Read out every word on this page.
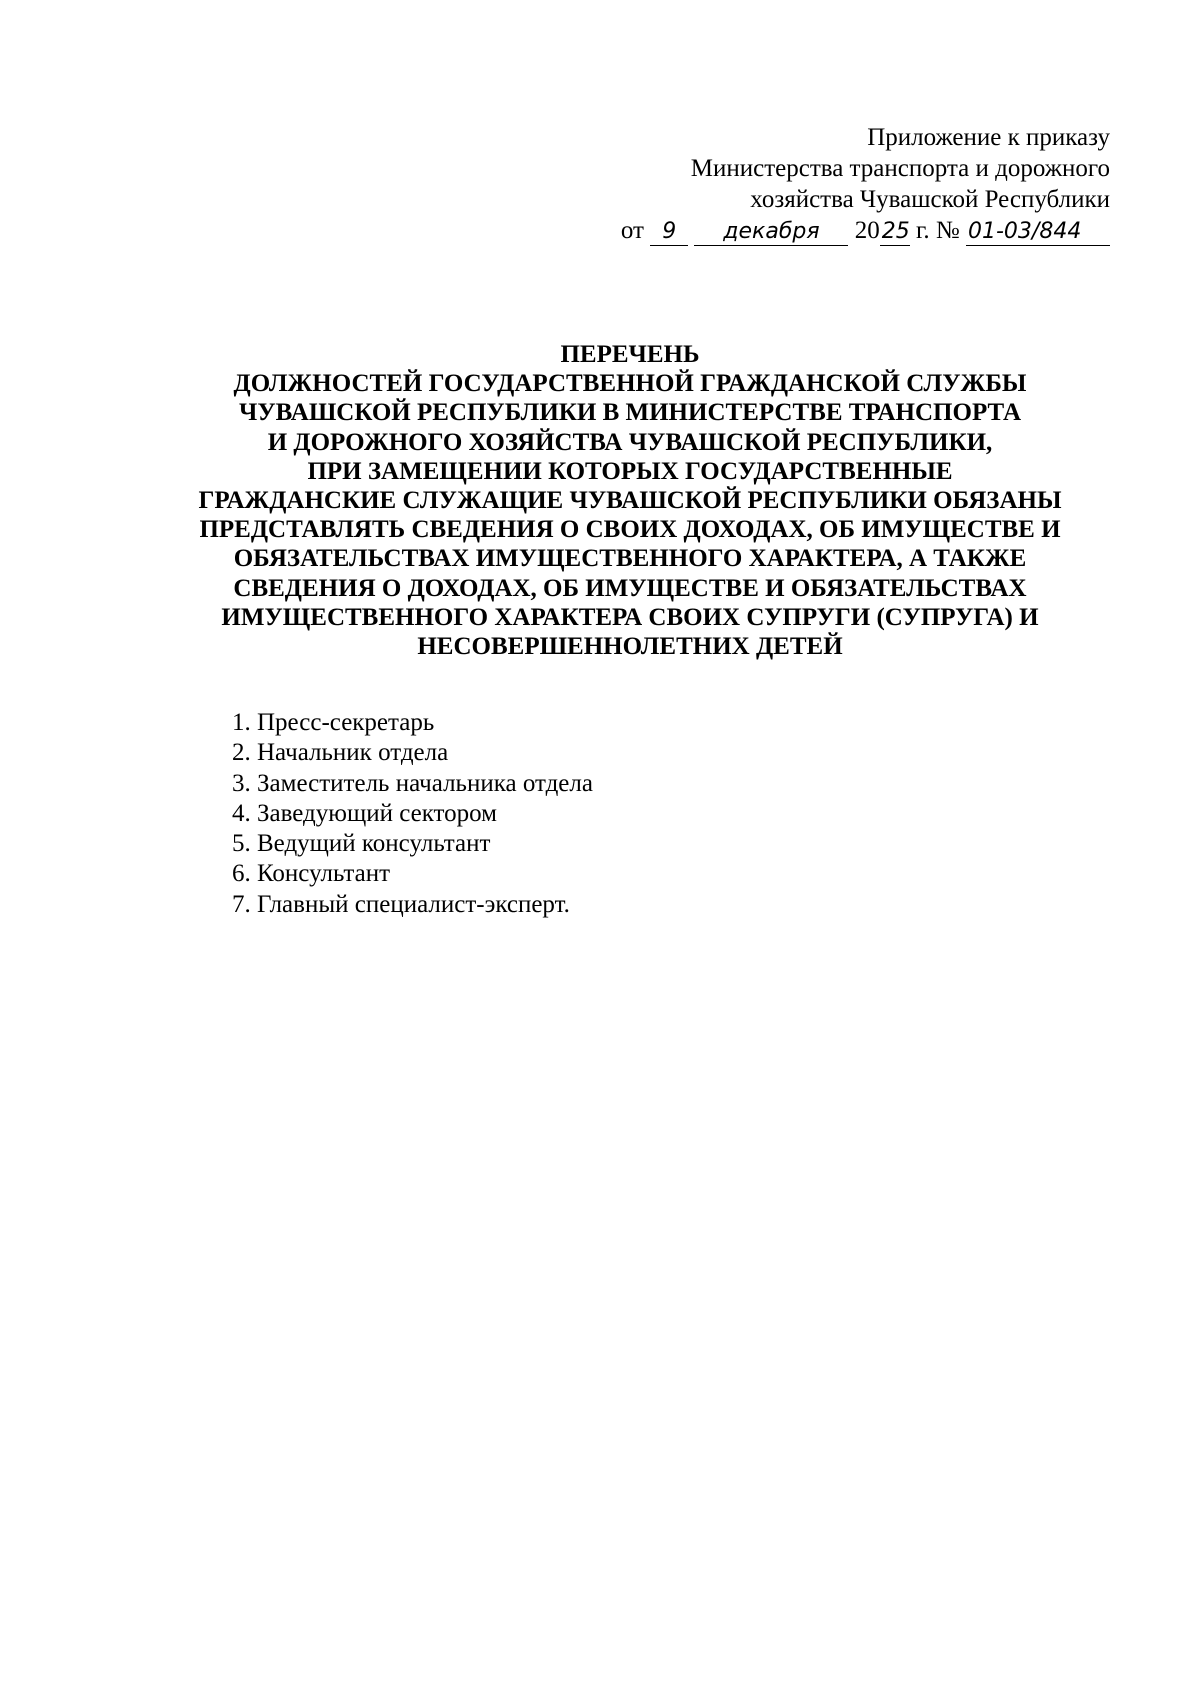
Приложение к приказу
Министерства транспорта и дорожного
хозяйства Чувашской Республики
от 9 декабря 2025 г. № 01-03/844
ПЕРЕЧЕНЬ
ДОЛЖНОСТЕЙ ГОСУДАРСТВЕННОЙ ГРАЖДАНСКОЙ СЛУЖБЫ
ЧУВАШСКОЙ РЕСПУБЛИКИ В МИНИСТЕРСТВЕ ТРАНСПОРТА
И ДОРОЖНОГО ХОЗЯЙСТВА ЧУВАШСКОЙ РЕСПУБЛИКИ,
ПРИ ЗАМЕЩЕНИИ КОТОРЫХ ГОСУДАРСТВЕННЫЕ
ГРАЖДАНСКИЕ СЛУЖАЩИЕ ЧУВАШСКОЙ РЕСПУБЛИКИ ОБЯЗАНЫ
ПРЕДСТАВЛЯТЬ СВЕДЕНИЯ О СВОИХ ДОХОДАХ, ОБ ИМУЩЕСТВЕ И
ОБЯЗАТЕЛЬСТВАХ ИМУЩЕСТВЕННОГО ХАРАКТЕРА, А ТАКЖЕ
СВЕДЕНИЯ О ДОХОДАХ, ОБ ИМУЩЕСТВЕ И ОБЯЗАТЕЛЬСТВАХ
ИМУЩЕСТВЕННОГО ХАРАКТЕРА СВОИХ СУПРУГИ (СУПРУГА) И
НЕСОВЕРШЕННОЛЕТНИХ ДЕТЕЙ
1. Пресс-секретарь
2. Начальник отдела
3. Заместитель начальника отдела
4. Заведующий сектором
5. Ведущий консультант
6. Консультант
7. Главный специалист-эксперт.
